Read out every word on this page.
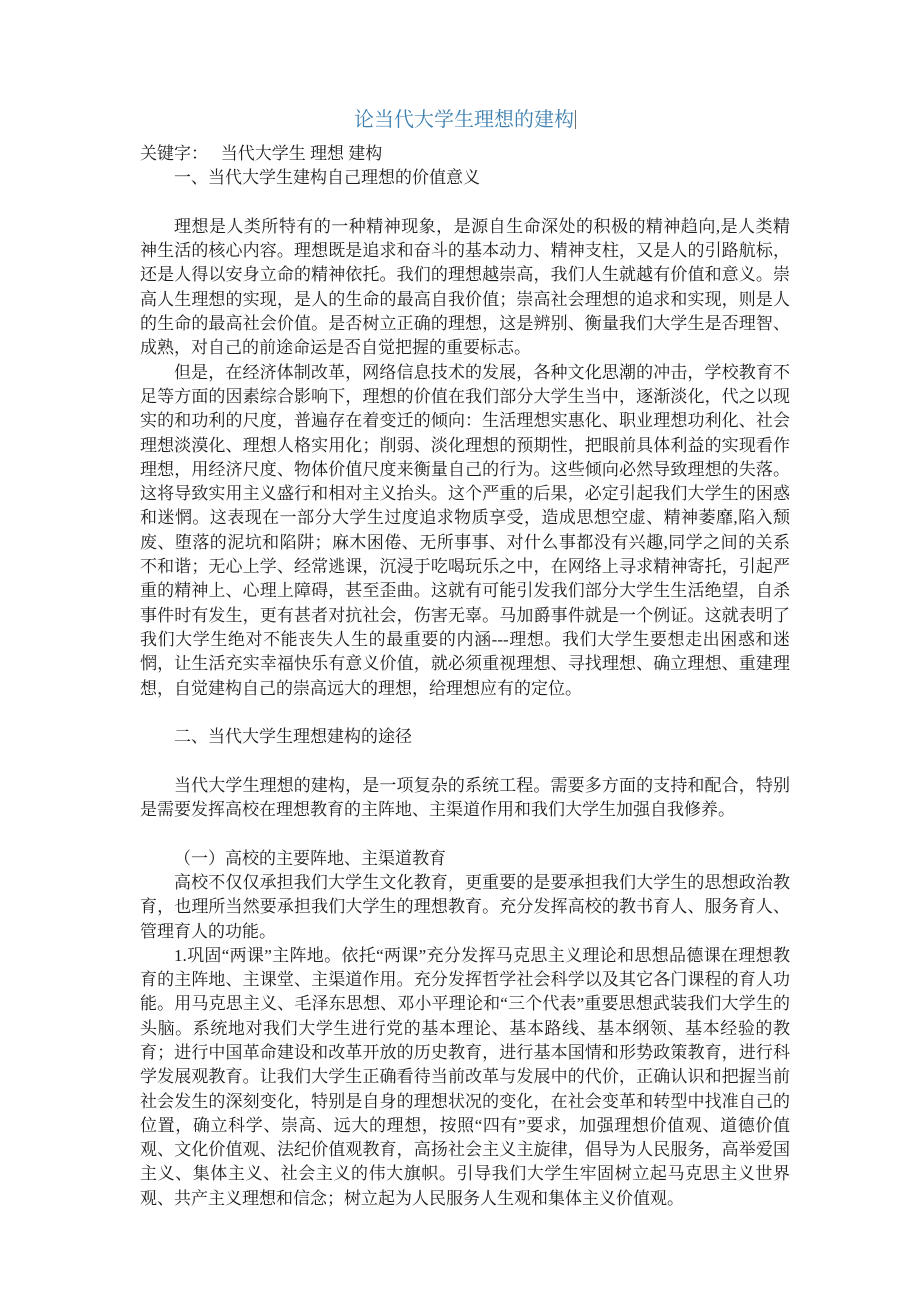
论当代大学生理想的建构
关键字：　 当代大学生 理想 建构
一、当代大学生建构自己理想的价值意义

理想是人类所特有的一种精神现象，是源自生命深处的积极的精神趋向,是人类精神生活的核心内容。理想既是追求和奋斗的基本动力、精神支柱，又是人的引路航标，还是人得以安身立命的精神依托。我们的理想越崇高，我们人生就越有价值和意义。崇高人生理想的实现，是人的生命的最高自我价值；崇高社会理想的追求和实现，则是人的生命的最高社会价值。是否树立正确的理想，这是辨别、衡量我们大学生是否理智、成熟，对自己的前途命运是否自觉把握的重要标志。

但是，在经济体制改革，网络信息技术的发展，各种文化思潮的冲击，学校教育不足等方面的因素综合影响下，理想的价值在我们部分大学生当中，逐渐淡化，代之以现实的和功利的尺度，普遍存在着变迁的倾向：生活理想实惠化、职业理想功利化、社会理想淡漠化、理想人格实用化；削弱、淡化理想的预期性，把眼前具体利益的实现看作理想，用经济尺度、物体价值尺度来衡量自己的行为。这些倾向必然导致理想的失落。这将导致实用主义盛行和相对主义抬头。这个严重的后果，必定引起我们大学生的困惑和迷惘。这表现在一部分大学生过度追求物质享受，造成思想空虚、精神萎靡,陷入颓废、堕落的泥坑和陷阱；麻木困倦、无所事事、对什么事都没有兴趣,同学之间的关系不和谐；无心上学、经常逃课，沉浸于吃喝玩乐之中，在网络上寻求精神寄托，引起严重的精神上、心理上障碍，甚至歪曲。这就有可能引发我们部分大学生生活绝望，自杀事件时有发生，更有甚者对抗社会，伤害无辜。马加爵事件就是一个例证。这就表明了我们大学生绝对不能丧失人生的最重要的内涵---理想。我们大学生要想走出困惑和迷惘，让生活充实幸福快乐有意义价值，就必须重视理想、寻找理想、确立理想、重建理想，自觉建构自己的崇高远大的理想，给理想应有的定位。

二、当代大学生理想建构的途径

当代大学生理想的建构，是一项复杂的系统工程。需要多方面的支持和配合，特别是需要发挥高校在理想教育的主阵地、主渠道作用和我们大学生加强自我修养。

（一）高校的主要阵地、主渠道教育

高校不仅仅承担我们大学生文化教育，更重要的是要承担我们大学生的思想政治教育，也理所当然要承担我们大学生的理想教育。充分发挥高校的教书育人、服务育人、管理育人的功能。

1.巩固“两课”主阵地。依托“两课”充分发挥马克思主义理论和思想品德课在理想教育的主阵地、主课堂、主渠道作用。充分发挥哲学社会科学以及其它各门课程的育人功能。用马克思主义、毛泽东思想、邓小平理论和“三个代表”重要思想武装我们大学生的头脑。系统地对我们大学生进行党的基本理论、基本路线、基本纲领、基本经验的教育；进行中国革命建设和改革开放的历史教育，进行基本国情和形势政策教育，进行科学发展观教育。让我们大学生正确看待当前改革与发展中的代价，正确认识和把握当前社会发生的深刻变化，特别是自身的理想状况的变化，在社会变革和转型中找准自己的位置，确立科学、崇高、远大的理想，按照“四有”要求，加强理想价值观、道德价值观、文化价值观、法纪价值观教育，高扬社会主义主旋律，倡导为人民服务，高举爱国主义、集体主义、社会主义的伟大旗帜。引导我们大学生牢固树立起马克思主义世界观、共产主义理想和信念；树立起为人民服务人生观和集体主义价值观。
